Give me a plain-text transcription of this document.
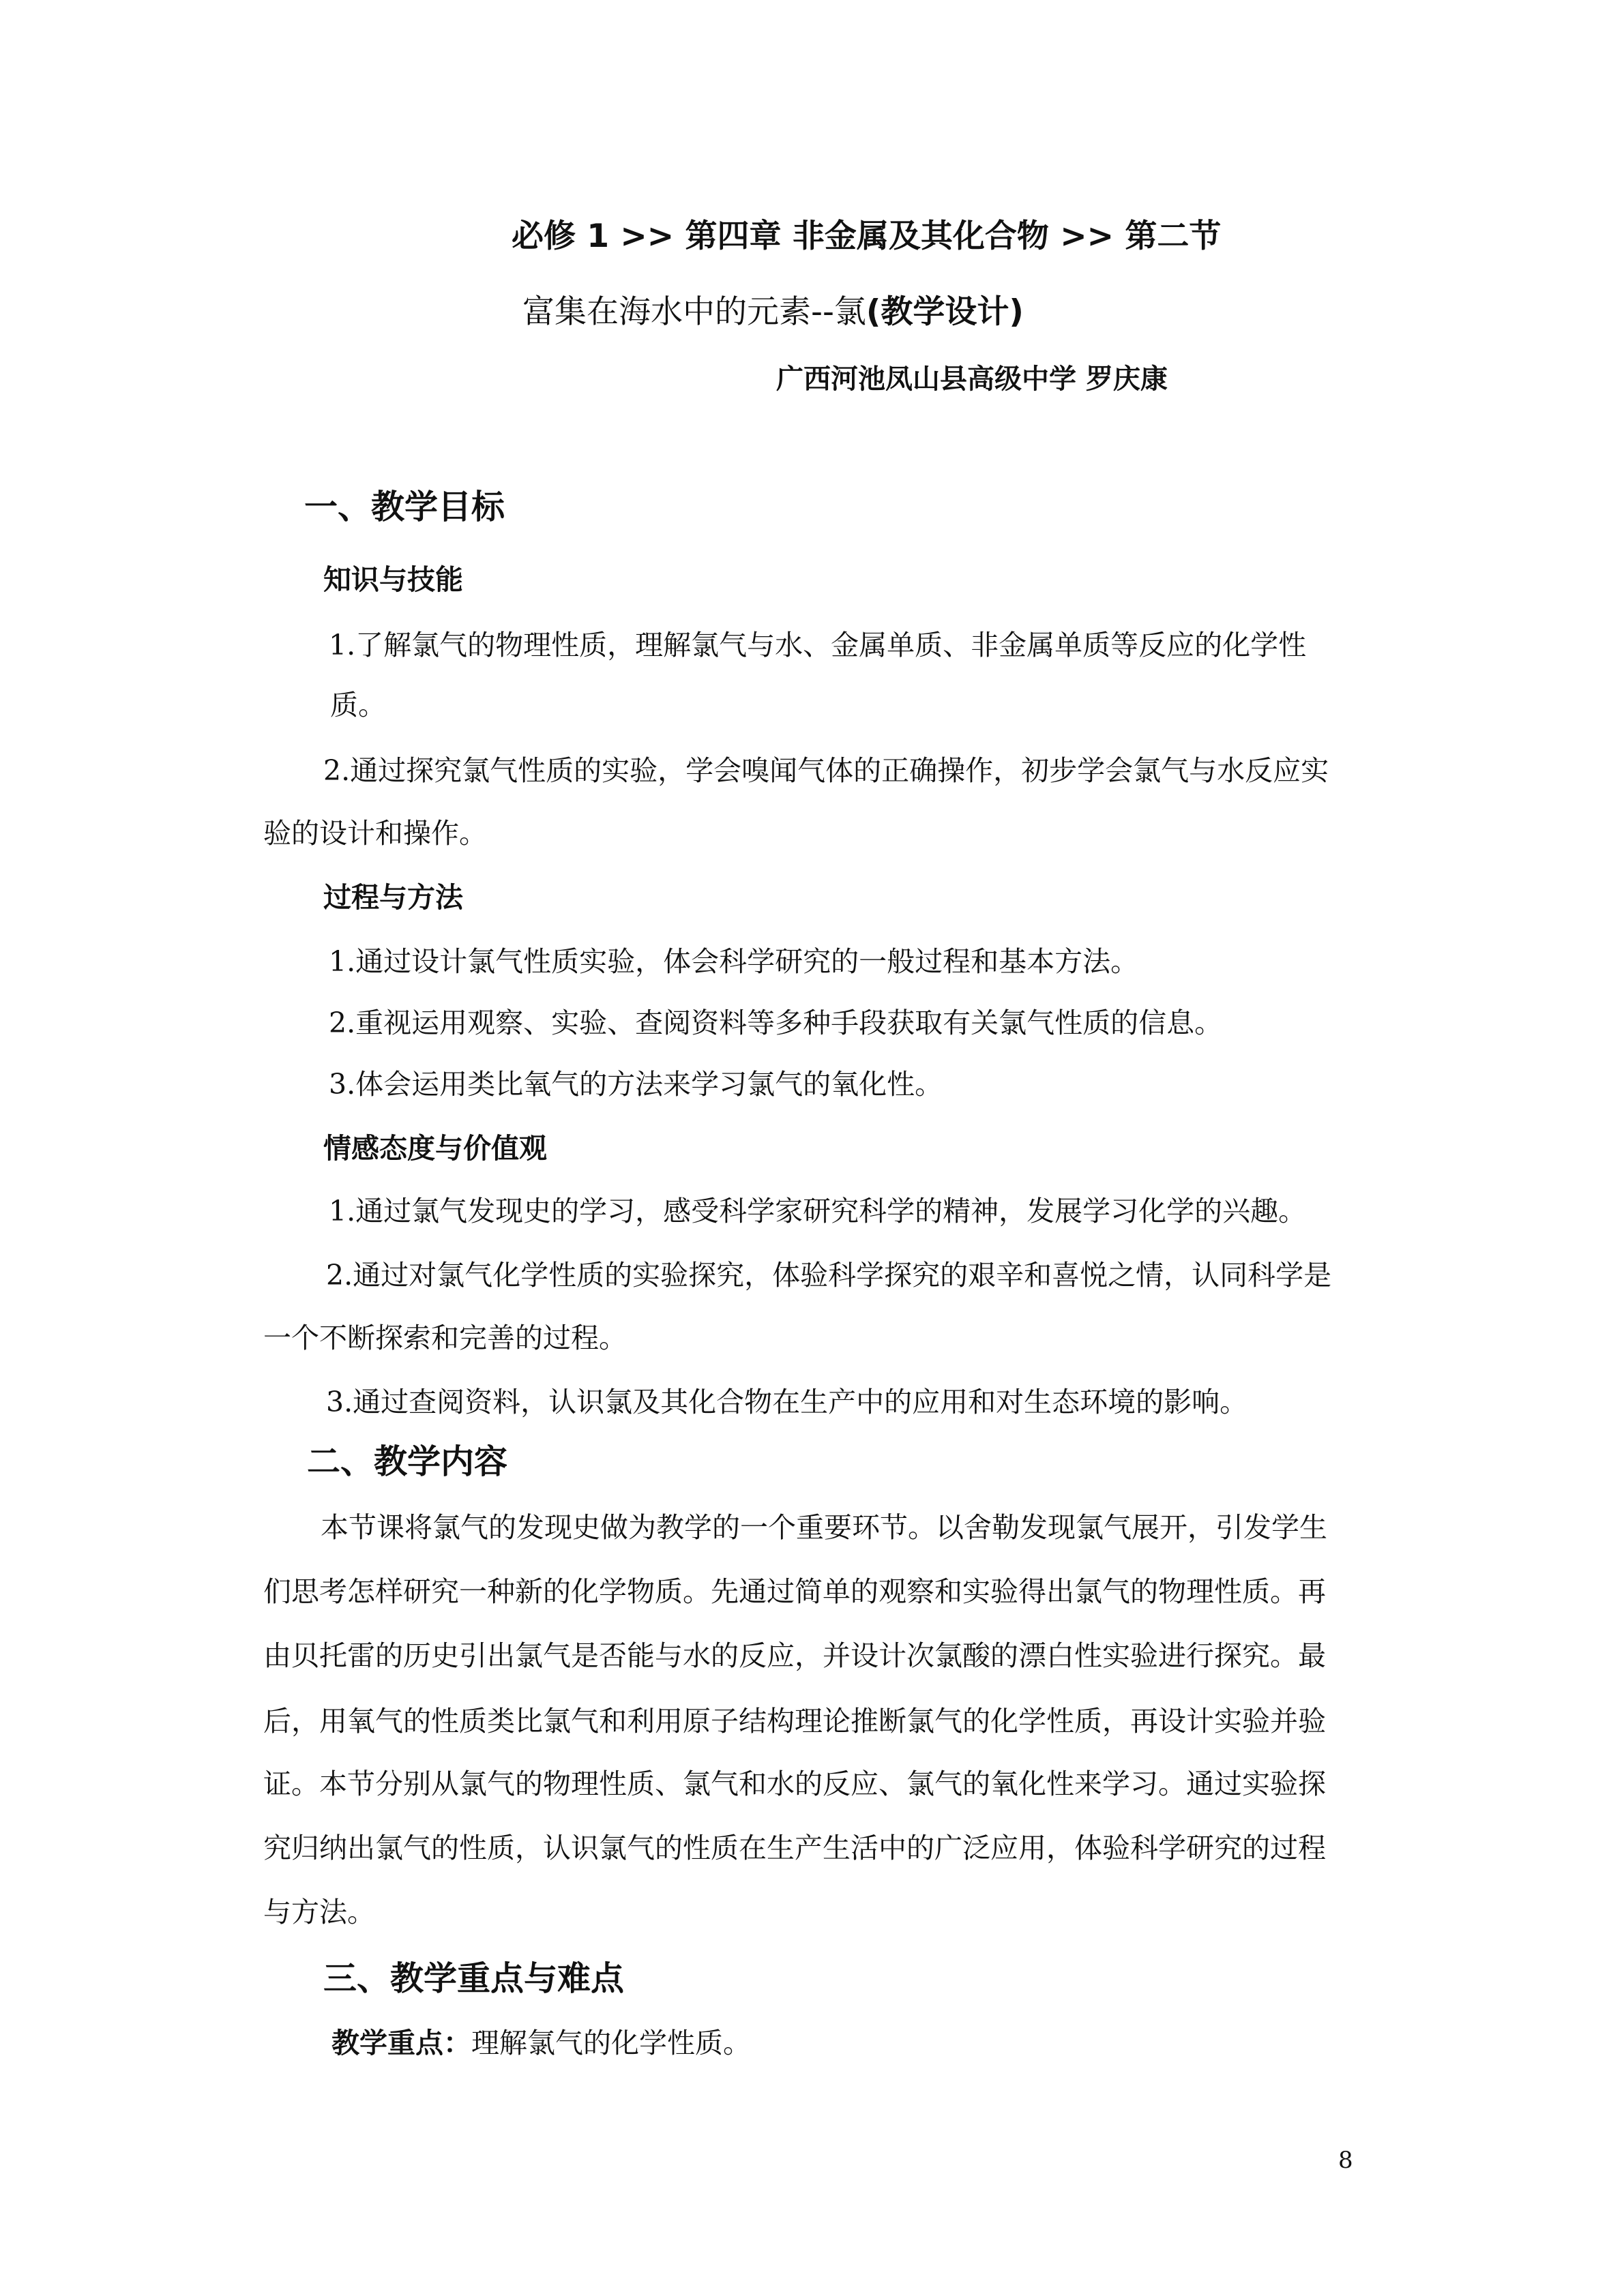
必修 1 >> 第四章 非金属及其化合物 >> 第二节
富集在海水中的元素--氯(教学设计)
广西河池凤山县高级中学 罗庆康
一、教学目标
知识与技能
1.了解氯气的物理性质，理解氯气与水、金属单质、非金属单质等反应的化学性
质。
2.通过探究氯气性质的实验，学会嗅闻气体的正确操作，初步学会氯气与水反应实
验的设计和操作。
过程与方法
1.通过设计氯气性质实验，体会科学研究的一般过程和基本方法。
2.重视运用观察、实验、查阅资料等多种手段获取有关氯气性质的信息。
3.体会运用类比氧气的方法来学习氯气的氧化性。
情感态度与价值观
1.通过氯气发现史的学习，感受科学家研究科学的精神，发展学习化学的兴趣。
2.通过对氯气化学性质的实验探究，体验科学探究的艰辛和喜悦之情，认同科学是
一个不断探索和完善的过程。
3.通过查阅资料，认识氯及其化合物在生产中的应用和对生态环境的影响。
二、教学内容
本节课将氯气的发现史做为教学的一个重要环节。以舍勒发现氯气展开，引发学生
们思考怎样研究一种新的化学物质。先通过简单的观察和实验得出氯气的物理性质。再
由贝托雷的历史引出氯气是否能与水的反应，并设计次氯酸的漂白性实验进行探究。最
后，用氧气的性质类比氯气和利用原子结构理论推断氯气的化学性质，再设计实验并验
证。本节分别从氯气的物理性质、氯气和水的反应、氯气的氧化性来学习。通过实验探
究归纳出氯气的性质，认识氯气的性质在生产生活中的广泛应用，体验科学研究的过程
与方法。
三、教学重点与难点
教学重点：理解氯气的化学性质。
8
